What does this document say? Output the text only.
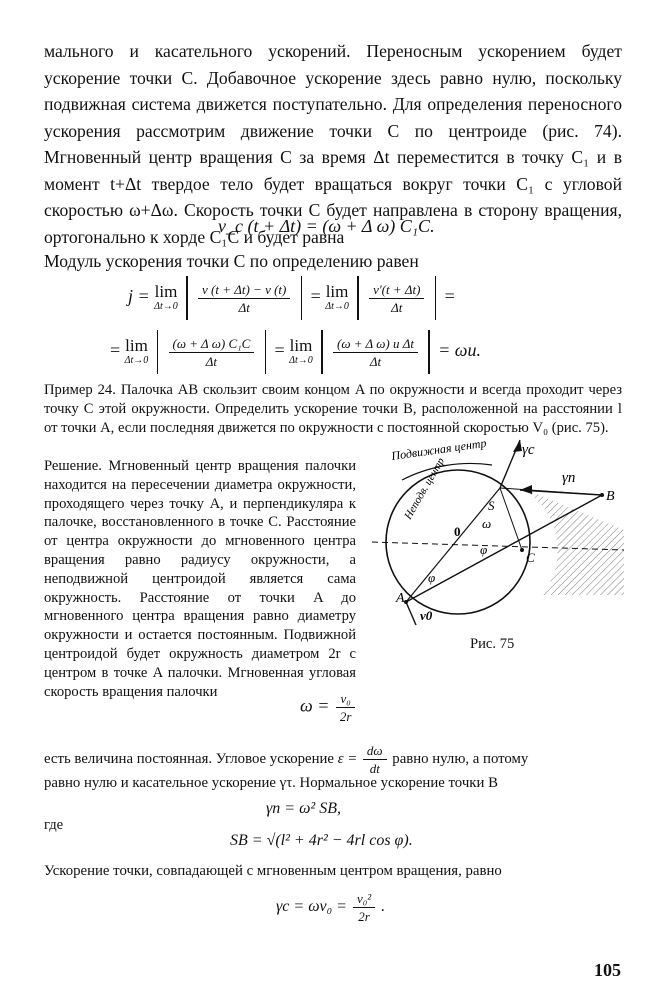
мального и касательного ускорений. Переносным ускорением будет ускорение точки C. Добавочное ускорение здесь равно нулю, поскольку подвижная система движется поступательно. Для определения переносного ускорения рассмотрим движение точки C по центроиде (рис. 74). Мгновенный центр вращения C за время Δt переместится в точку C₁ и в момент t+Δt твердое тело будет вращаться вокруг точки C₁ с угловой скоростью ω+Δω. Скорость точки C будет направлена в сторону вращения, ортогонально к хорде C₁C и будет равна
v_c (t + Δt) = (ω + Δ ω) C₁C.
Модуль ускорения точки C по определению равен
j = lim
Δt→0
$\frac{v (t + \Delta t) - v (t)}{\Delta t} = \lim$
Δt→0
$\frac{v'(t + \Delta t)}{\Delta t}$ =
= lim
Δt→0
$\frac{\text{(ω + Δ ω) C₁C}}{\Delta t} = \lim$
Δt→0
$\frac{\text{(ω + Δ ω) u Δt}}{\Delta t} = \omega u$.
Пример 24. Палочка AB скользит своим концом A по окружности и всегда проходит через точку C этой окружности. Определить ускорение точки B, расположенной на расстоянии l от точки A, если последняя движется по окружности с постоянной скоростью V₀ (рис. 75).
Решение. Мгновенный центр вращения палочки находится на пересечении диаметра окружности, проходящего через точку A, и перпендикуляра к палочке, восстановленного в точке C. Расстояние от центра окружности до мгновенного центра вращения равно радиусу окружности, а неподвижной центроидой является сама окружность. Расстояние от точки A до мгновенного центра вращения равно диаметру окружности и остается постоянным. Подвижной центроидой будет окружность диаметром 2r с центром в точке A палочки. Мгновенная угловая скорость вращения палочки
Подвижная центр
Неподв. центр
γc
γn
B
S
0
C
A
v0
ω
φ
φ
Рис. 75
$\omega = \frac{\text{v₀}}{2r}$
есть величина постоянная. Угловое ускорение $\varepsilon = \frac{d\omega}{dt}$ равно нулю, а потому
равно нулю и касательное ускорение γτ. Нормальное ускорение точки B
γn = ω² SB,
где
SB = √(l² + 4r² − 4rl cos φ).
Ускорение точки, совпадающей с мгновенным центром вращения, равно
$\gamma c = \omega v_0 = \frac{\text{v₀²}}{2r}$ .
105
